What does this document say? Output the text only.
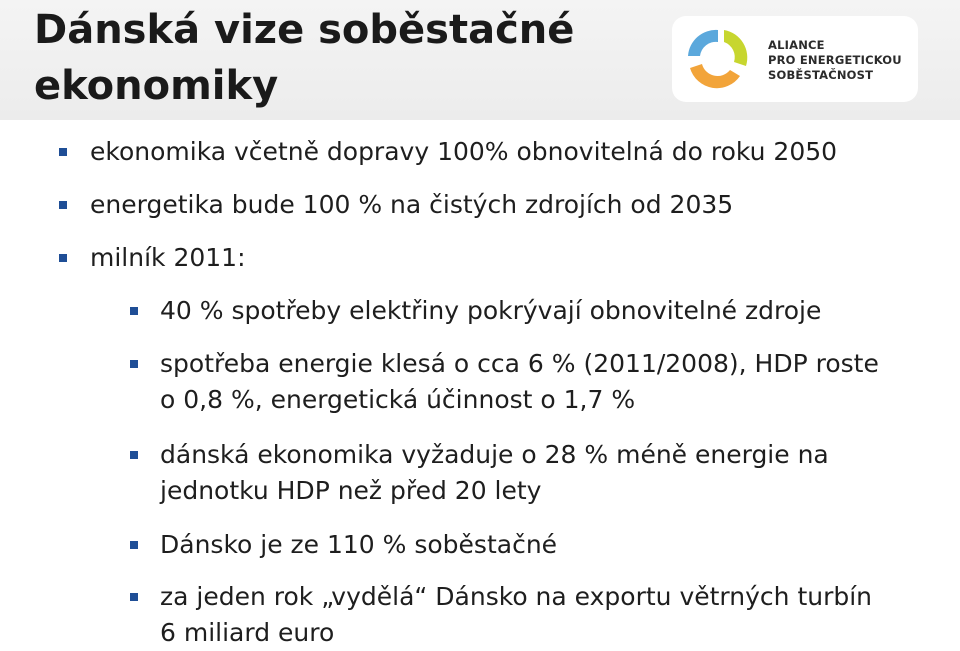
Dánská vize soběstačné
ekonomiky
ALIANCE
PRO ENERGETICKOU
SOBĚSTAČNOST
ekonomika včetně dopravy 100% obnovitelná do roku 2050
energetika bude 100 % na čistých zdrojích od 2035
milník 2011:
40 % spotřeby elektřiny pokrývají obnovitelné zdroje
spotřeba energie klesá o cca 6 % (2011/2008), HDP roste
o 0,8 %, energetická účinnost o 1,7 %
dánská ekonomika vyžaduje o 28 % méně energie na
jednotku HDP než před 20 lety
Dánsko je ze 110 % soběstačné
za jeden rok „vydělá“ Dánsko na exportu větrných turbín
6 miliard euro
